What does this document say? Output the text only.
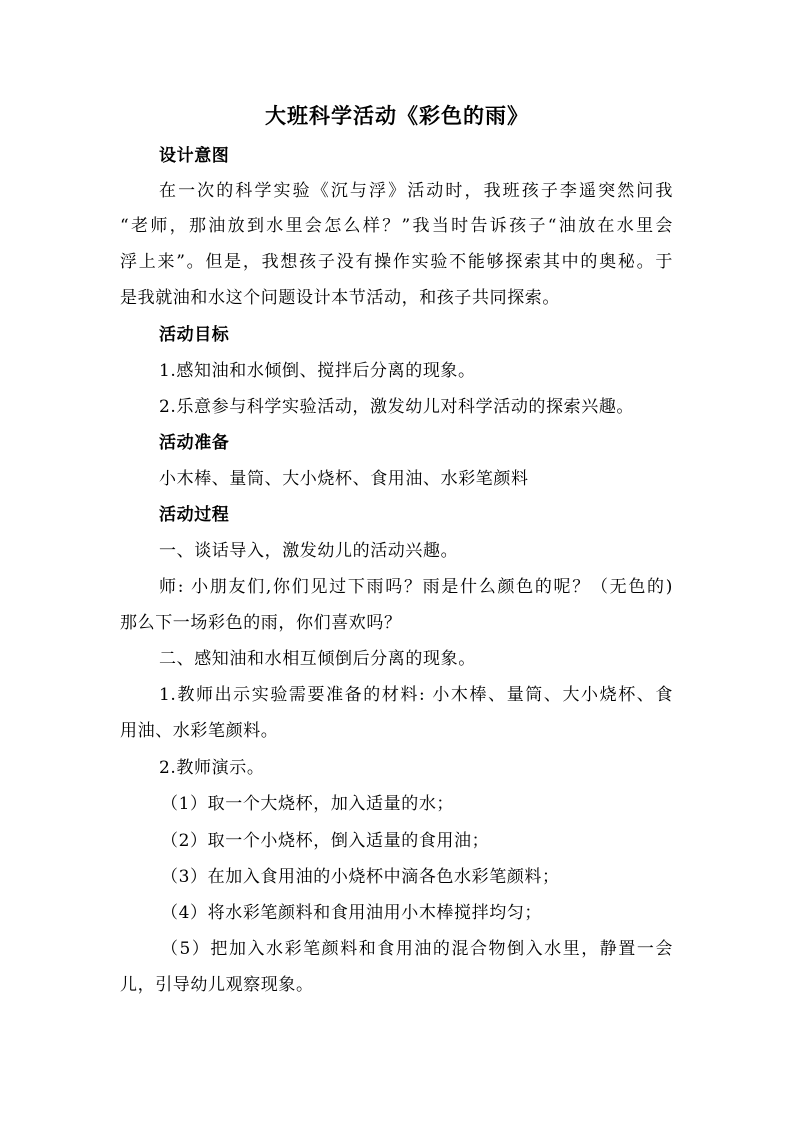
大班科学活动《彩色的雨》
设计意图
在一次的科学实验《沉与浮》活动时，我班孩子李遥突然问我
“老师，那油放到水里会怎么样？”我当时告诉孩子“油放在水里会
浮上来”。但是，我想孩子没有操作实验不能够探索其中的奥秘。于
是我就油和水这个问题设计本节活动，和孩子共同探索。
活动目标
1.感知油和水倾倒、搅拌后分离的现象。
2.乐意参与科学实验活动，激发幼儿对科学活动的探索兴趣。
活动准备
小木棒、量筒、大小烧杯、食用油、水彩笔颜料
活动过程
一、谈话导入，激发幼儿的活动兴趣。
师: 小朋友们,你们见过下雨吗？雨是什么颜色的呢？（无色的)
那么下一场彩色的雨，你们喜欢吗？
二、感知油和水相互倾倒后分离的现象。
1.教师出示实验需要准备的材料: 小木棒、量筒、大小烧杯、食
用油、水彩笔颜料。
2.教师演示。
（1）取一个大烧杯，加入适量的水；
（2）取一个小烧杯，倒入适量的食用油；
（3）在加入食用油的小烧杯中滴各色水彩笔颜料；
（4）将水彩笔颜料和食用油用小木棒搅拌均匀；
（5）把加入水彩笔颜料和食用油的混合物倒入水里，静置一会
儿，引导幼儿观察现象。
